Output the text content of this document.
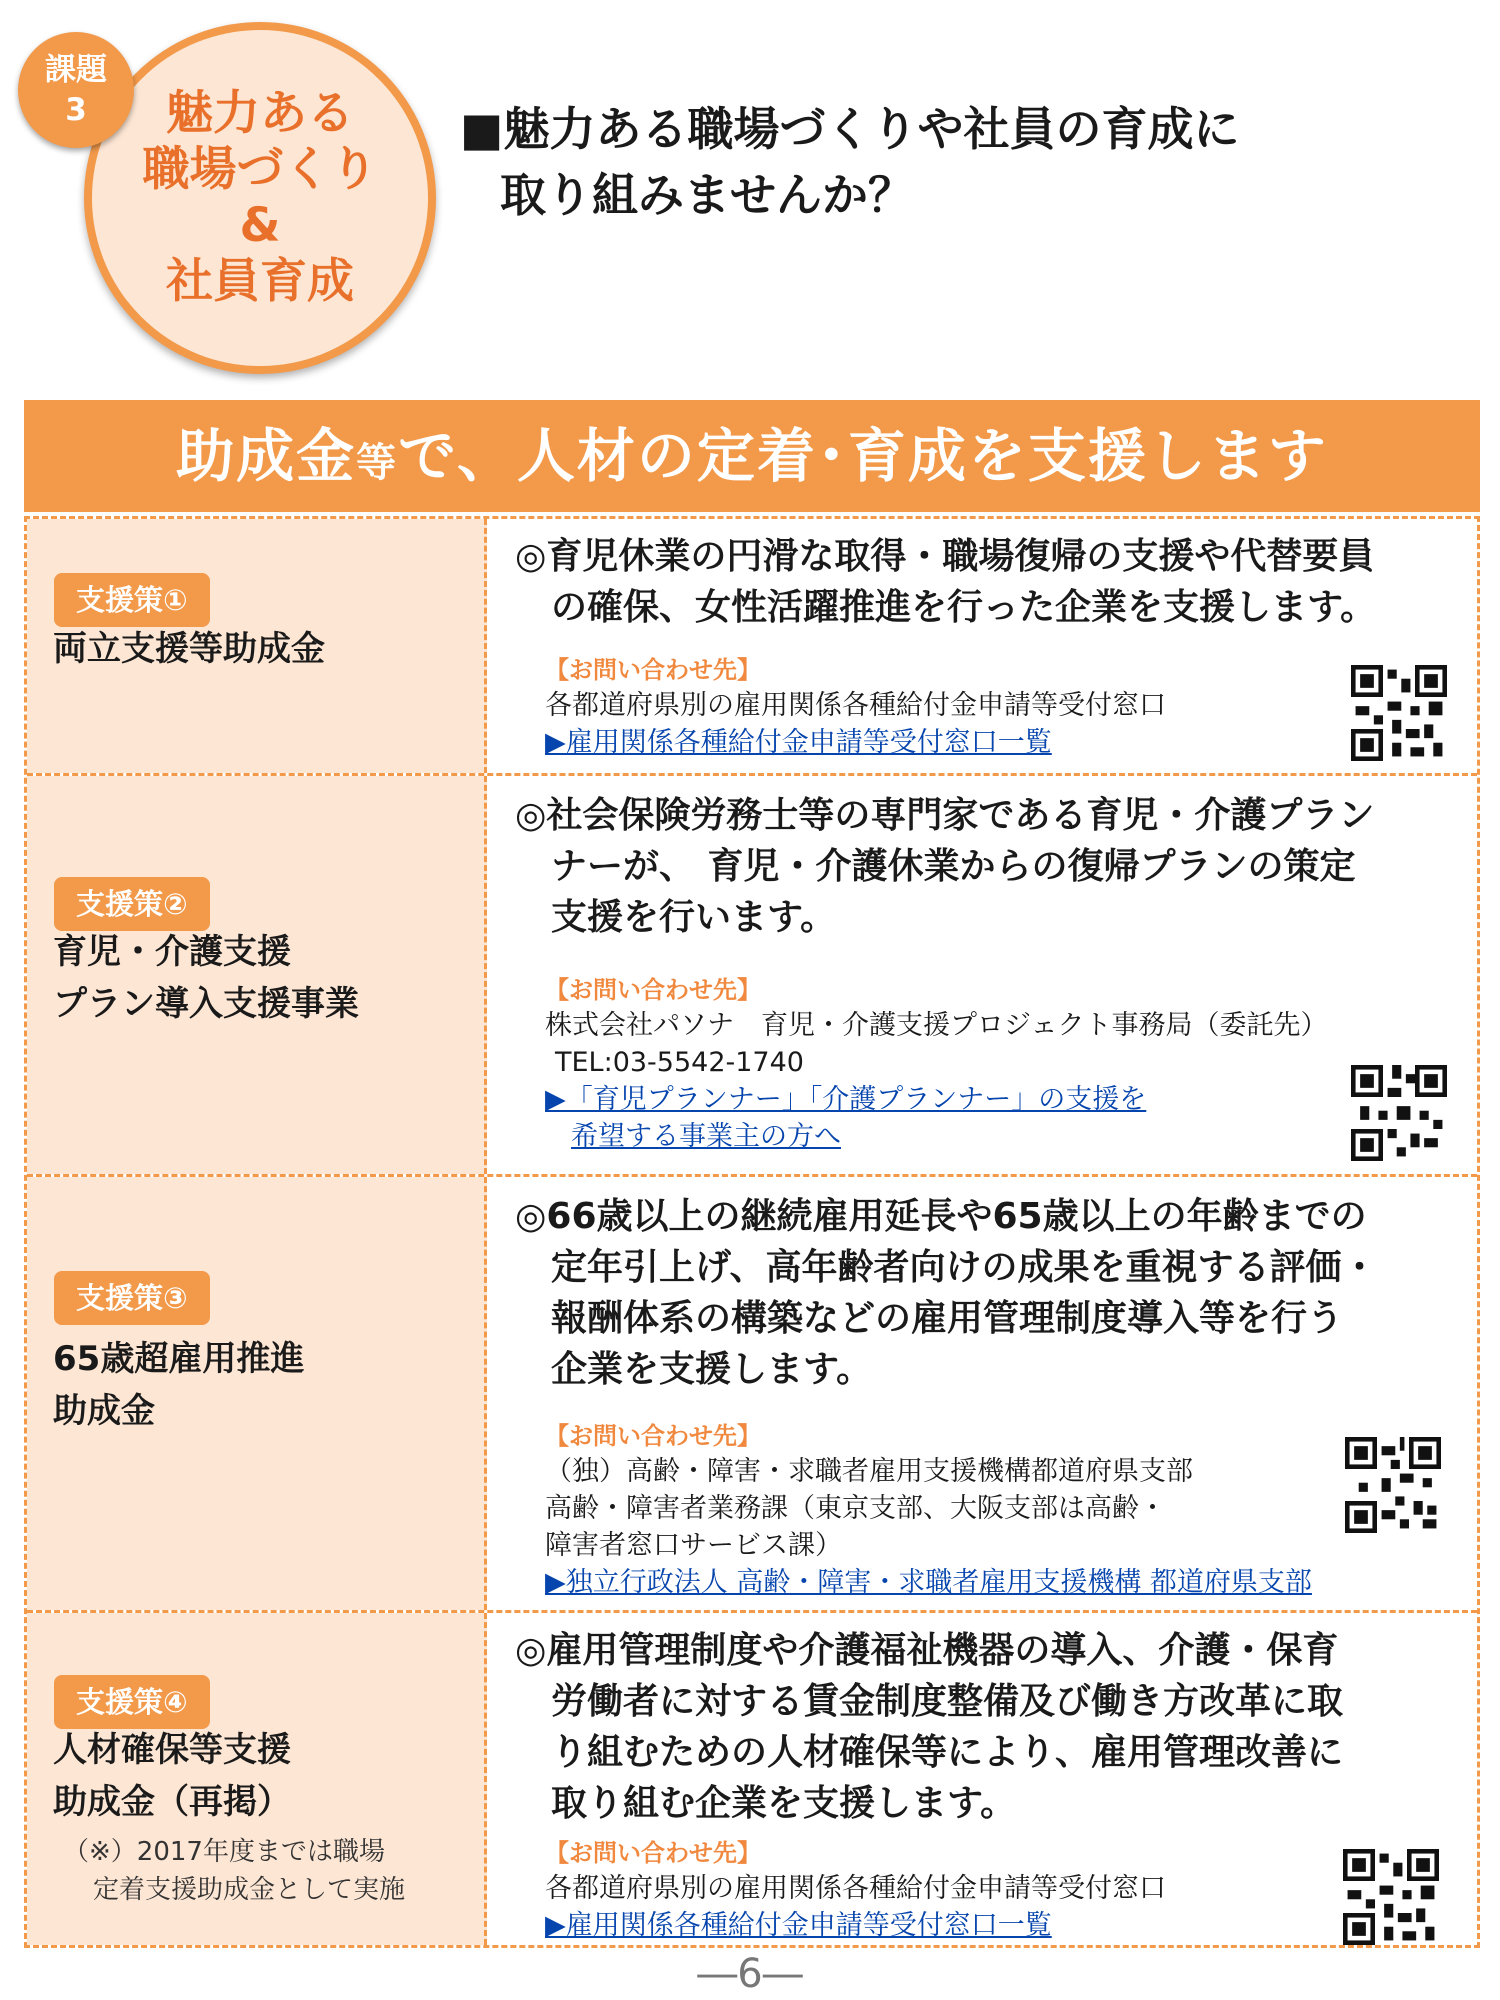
課題
3	魅力ある
職場づくり
&
社員育成
■魅力ある職場づくりや社員の育成に
取り組みませんか？
助成金等で、人材の定着･育成を支援します
支援策①
両立支援等助成金
◎育児休業の円滑な取得・職場復帰の支援や代替要員
の確保、女性活躍推進を行った企業を支援します。
【お問い合わせ先】
各都道府県別の雇用関係各種給付金申請等受付窓口
▶雇用関係各種給付金申請等受付窓口一覧
支援策②
育児・介護支援
プラン導入支援事業
◎社会保険労務士等の専門家である育児・介護プラン
ナーが、 育児・介護休業からの復帰プランの策定
支援を行います。
【お問い合わせ先】
株式会社パソナ　育児・介護支援プロジェクト事務局（委託先）
TEL:03-5542-1740
▶「育児プランナー」「介護プランナー」の支援を
希望する事業主の方へ
支援策③
65歳超雇用推進
助成金
◎66歳以上の継続雇用延長や65歳以上の年齢までの
定年引上げ、高年齢者向けの成果を重視する評価・
報酬体系の構築などの雇用管理制度導入等を行う
企業を支援します。
【お問い合わせ先】
（独）高齢・障害・求職者雇用支援機構都道府県支部
高齢・障害者業務課（東京支部、大阪支部は高齢・
障害者窓口サービス課）
▶独立行政法人 高齢・障害・求職者雇用支援機構 都道府県支部
支援策④
人材確保等支援
助成金（再掲）
（※）2017年度までは職場
定着支援助成金として実施
◎雇用管理制度や介護福祉機器の導入、介護・保育
労働者に対する賃金制度整備及び働き方改革に取
り組むための人材確保等により、雇用管理改善に
取り組む企業を支援します。
【お問い合わせ先】
各都道府県別の雇用関係各種給付金申請等受付窓口
▶雇用関係各種給付金申請等受付窓口一覧
―6―
